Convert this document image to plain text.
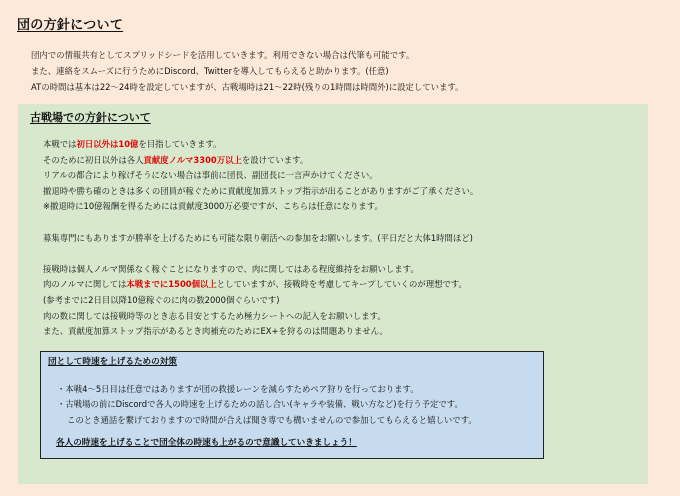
団の方針について
団内での情報共有としてスプリッドシードを活用していきます。利用できない場合は代筆も可能です。
また、連絡をスムーズに行うためにDiscord、Twitterを導入してもらえると助かります。(任意)
ATの時間は基本は22～24時を設定していますが、古戦場時は21～22時(残りの1時間は時間外)に設定しています。
古戦場での方針について
本戦では初日以外は10億を目指していきます。
そのために初日以外は各人貢献度ノルマ3300万以上を設けています。
リアルの都合により稼げそうにない場合は事前に団長、副団長に一言声かけてください。
撤退時や勝ち確のときは多くの団員が稼ぐために貢献度加算ストップ指示が出ることがありますがご了承ください。
※撤退時に10億報酬を得るためには貢献度3000万必要ですが、こちらは任意になります。
募集専門にもありますが勝率を上げるためにも可能な限り朝活への参加をお願いします。(平日だと大体1時間ほど)
接戦時は個人ノルマ関係なく稼ぐことになりますので、肉に関してはある程度維持をお願いします。
肉のノルマに関しては本戦までに1500個以上としていますが、接戦時を考慮してキープしていくのが理想です。
(参考までに2日目以降10億稼ぐのに肉の数2000個ぐらいです)
肉の数に関しては接戦時等のとき志る目安とするため極力シートへの記入をお願いします。
また、貢献度加算ストップ指示があるとき肉補充のためにEX+を狩るのは問題ありません。
団として時速を上げるための対策
・本戦4～5日目は任意ではありますが団の救援レーンを減らすためペア狩りを行っております。
・古戦場の前にDiscordで各人の時速を上げるための話し合い(キャラや装備、戦い方など)を行う予定です。
このとき通話を繋げておりますので時間が合えば聞き専でも構いませんので参加してもらえると嬉しいです。
各人の時速を上げることで団全体の時速も上がるので意識していきましょう！
